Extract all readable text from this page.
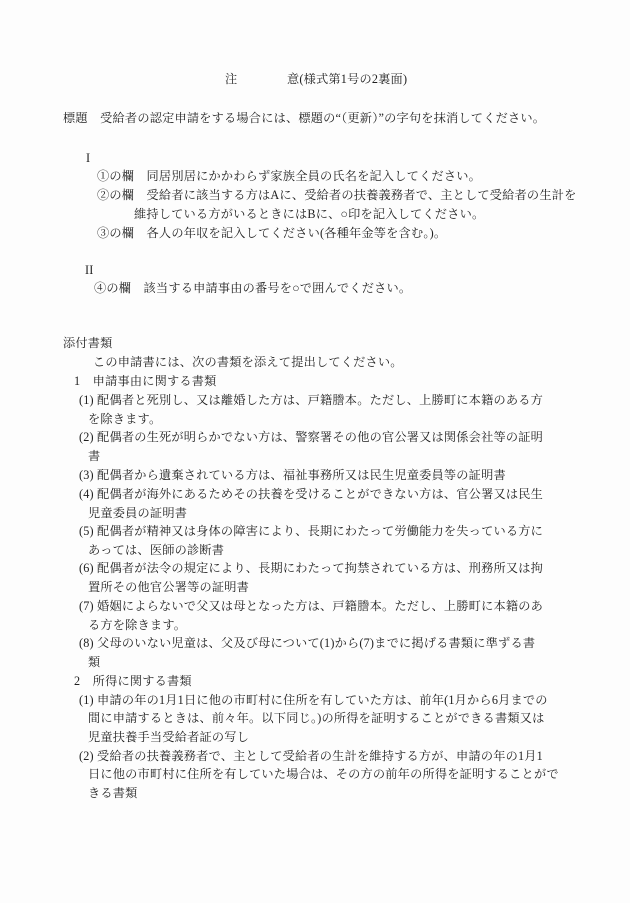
注	意(様式第1号の2裏面)
標題　受給者の認定申請をする場合には、標題の“（更新）”の字句を抹消してください。
I
①の欄　同居別居にかかわらず家族全員の氏名を記入してください。
②の欄　受給者に該当する方はAに、受給者の扶養義務者で、主として受給者の生計を
維持している方がいるときにはBに、○印を記入してください。
③の欄　各人の年収を記入してください(各種年金等を含む。)。
II
④の欄　該当する申請事由の番号を○で囲んでください。
添付書類
この申請書には、次の書類を添えて提出してください。
1　申請事由に関する書類
(1) 配偶者と死別し、又は離婚した方は、戸籍謄本。ただし、上勝町に本籍のある方
を除きます。
(2) 配偶者の生死が明らかでない方は、警察署その他の官公署又は関係会社等の証明
書
(3) 配偶者から遺棄されている方は、福祉事務所又は民生児童委員等の証明書
(4) 配偶者が海外にあるためその扶養を受けることができない方は、官公署又は民生
児童委員の証明書
(5) 配偶者が精神又は身体の障害により、長期にわたって労働能力を失っている方に
あっては、医師の診断書
(6) 配偶者が法令の規定により、長期にわたって拘禁されている方は、刑務所又は拘
置所その他官公署等の証明書
(7) 婚姻によらないで父又は母となった方は、戸籍謄本。ただし、上勝町に本籍のあ
る方を除きます。
(8) 父母のいない児童は、父及び母について(1)から(7)までに掲げる書類に準ずる書
類
2　所得に関する書類
(1) 申請の年の1月1日に他の市町村に住所を有していた方は、前年(1月から6月までの
間に申請するときは、前々年。以下同じ。)の所得を証明することができる書類又は
児童扶養手当受給者証の写し
(2) 受給者の扶養義務者で、主として受給者の生計を維持する方が、申請の年の1月1
日に他の市町村に住所を有していた場合は、その方の前年の所得を証明することがで
きる書類
